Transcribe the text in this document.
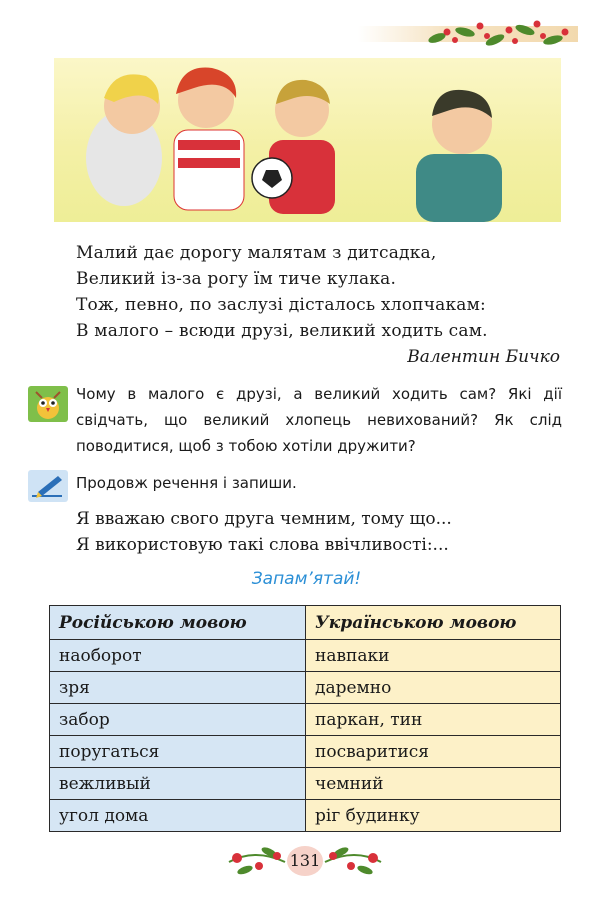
Малий дає дорогу малятам з дитсадка,
Великий із-за рогу їм тиче кулака.
Тож, певно, по заслузі дісталось хлопчакам:
В малого – всюди друзі, великий ходить сам.
Валентин Бичко
Чому в малого є друзі, а великий ходить сам? Які дії свідчать, що великий хлопець невихований? Як слід поводитися, щоб з тобою хотіли дружити?
Продовж речення і запиши.
Я вважаю свого друга чемним, тому що...
Я використовую такі слова ввічливості:...
Запам’ятай!
Російською мовою	Українською мовою
наоборот	навпаки
зря	даремно
забор	паркан, тин
поругаться	посваритися
вежливый	чемний
угол дома	ріг будинку
131
